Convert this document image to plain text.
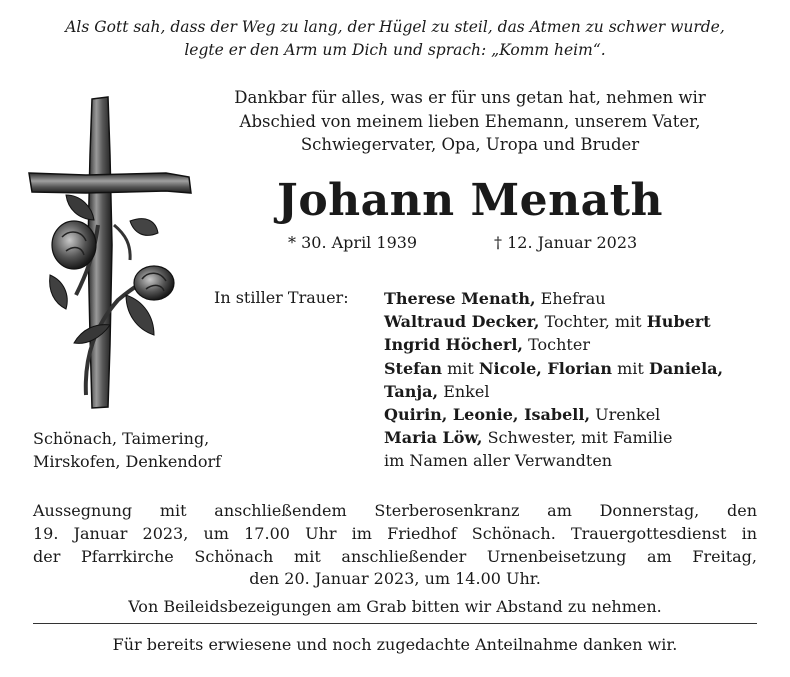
Als Gott sah, dass der Weg zu lang, der Hügel zu steil, das Atmen zu schwer wurde,
legte er den Arm um Dich und sprach: „Komm heim“.
Dankbar für alles, was er für uns getan hat, nehmen wir
Abschied von meinem lieben Ehemann, unserem Vater,
Schwiegervater, Opa, Uropa und Bruder
Johann Menath
* 30. April 1939	† 12. Januar 2023
In stiller Trauer: Therese Menath, Ehefrau
Waltraud Decker, Tochter, mit Hubert
Ingrid Höcherl, Tochter
Stefan mit Nicole, Florian mit Daniela,
Tanja, Enkel
Quirin, Leonie, Isabell, Urenkel
Maria Löw, Schwester, mit Familie
im Namen aller Verwandten
Schönach, Taimering,
Mirskofen, Denkendorf
Aussegnung mit anschließendem Sterberosenkranz am Donnerstag, den
19. Januar 2023, um 17.00 Uhr im Friedhof Schönach. Trauergottesdienst in
der Pfarrkirche Schönach mit anschließender Urnenbeisetzung am Freitag,
den 20. Januar 2023, um 14.00 Uhr.
Von Beileidsbezeigungen am Grab bitten wir Abstand zu nehmen.
Für bereits erwiesene und noch zugedachte Anteilnahme danken wir.
